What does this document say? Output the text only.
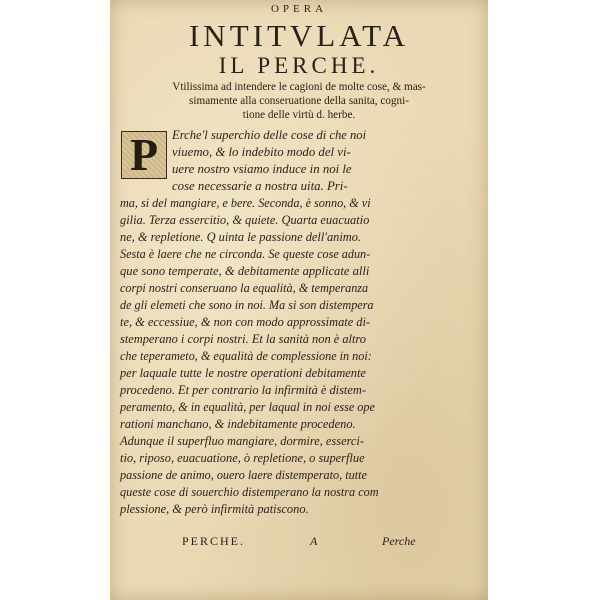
OPERA
INTITVLATA
IL PERCHE.
Vtilissima ad intendere le cagioni de molte cose, & mas-
simamente alla conseruatione della sanita, cogni-
tione delle virtù d. herbe.
P Erche'l superchio delle cose di che noi
viuemo, & lo indebito modo del vi-
uere nostro vsiamo induce in noi le
cose necessarie a nostra uita. Pri-
ma, si del mangiare, e bere. Seconda, è sonno, & vi
gilia. Terza essercitio, & quiete. Quarta euacuatio
ne, & repletione. Q uinta le passione dell'animo.
Sesta è laere che ne circonda. Se queste cose adun-
que sono temperate, & debitamente applicate alli
corpi nostri conseruano la equalità, & temperanza
de gli elemeti che sono in noi. Ma si son distempera
te, & eccessiue, & non con modo approssimate di-
stemperano i corpi nostri. Et la sanità non è altro
che teperameto, & equalità de complessione in noi:
per laquale tutte le nostre operationi debitamente
procedeno. Et per contrario la infirmità è distem-
peramento, & in equalità, per laqual in noi esse ope
rationi manchano, & indebitamente procedeno.
Adunque il superfluo mangiare, dormire, esserci-
tio, riposo, euacuatione, ò repletione, o superflue
passione de animo, ouero laere distemperato, tutte
queste cose di souerchio distemperano la nostra com
plessione, & però infirmità patiscono.
PERCHE.	A	Perche
